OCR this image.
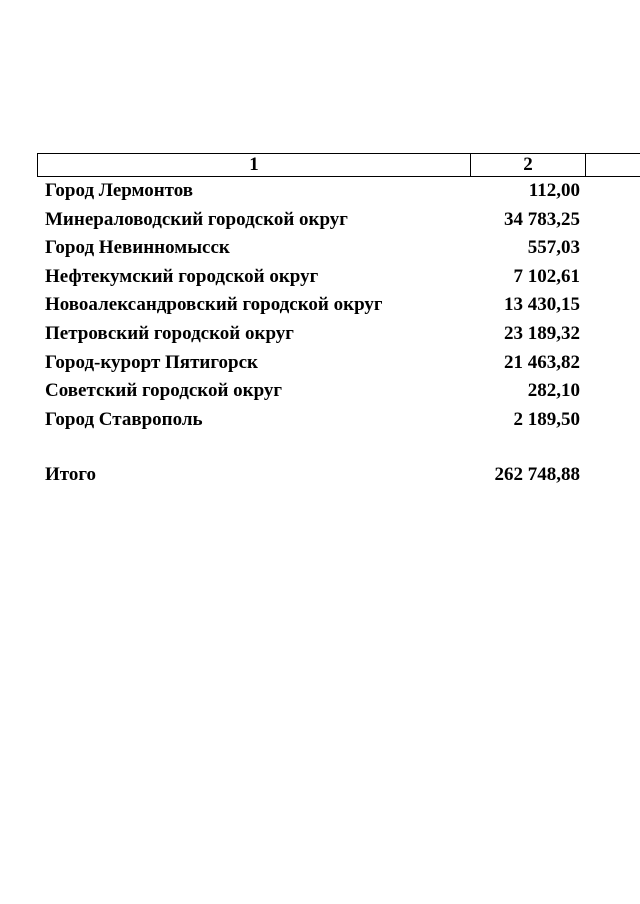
1	2
Город Лермонтов	112,00
Минераловодский городской округ	34 783,25
Город Невинномысск	557,03
Нефтекумский городской округ	7 102,61
Новоалександровский городской округ	13 430,15
Петровский городской округ	23 189,32
Город-курорт Пятигорск	21 463,82
Советский городской округ	282,10
Город Ставрополь	2 189,50
Итого	262 748,88
